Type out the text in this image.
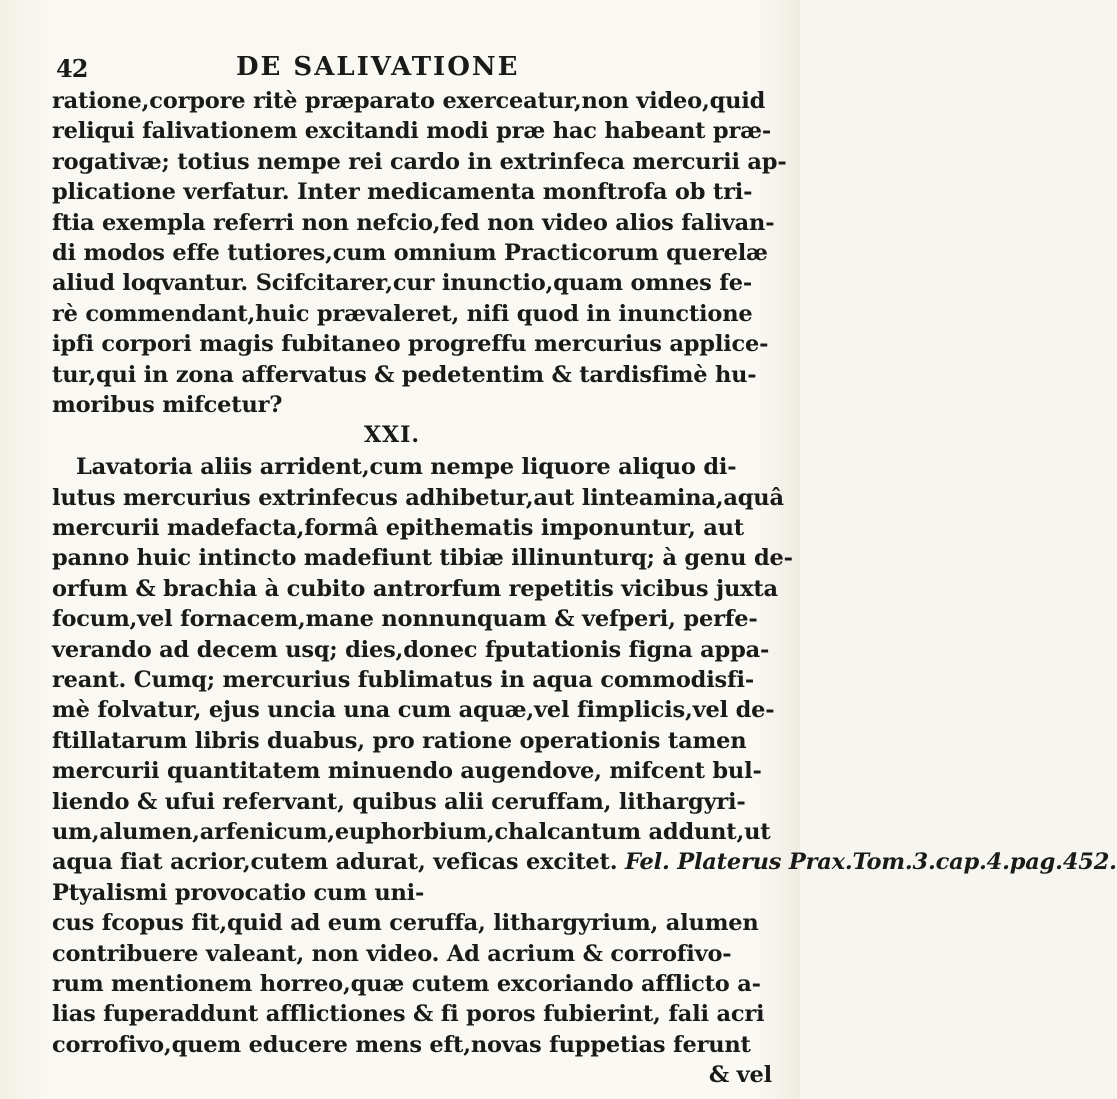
42	DE SALIVATIONE
ratione,corpore ritè præparato exerceatur,non video,quid
reliqui falivationem excitandi modi præ hac habeant præ-
rogativæ; totius nempe rei cardo in extrinfeca mercurii ap-
plicatione verfatur. Inter medicamenta monftrofa ob tri-
ftia exempla referri non nefcio,fed non video alios falivan-
di modos effe tutiores,cum omnium Practicorum querelæ
aliud loqvantur. Scifcitarer,cur inunctio,quam omnes fe-
rè commendant,huic prævaleret, nifi quod in inunctione
ipfi corpori magis fubitaneo progreffu mercurius applice-
tur,qui in zona affervatus & pedetentim & tardisfimè hu-
moribus mifcetur?
XXI.
Lavatoria aliis arrident,cum nempe liquore aliquo di-
lutus mercurius extrinfecus adhibetur,aut linteamina,aquâ
mercurii madefacta,formâ epithematis imponuntur, aut
panno huic intincto madefiunt tibiæ illinunturq; à genu de-
orfum & brachia à cubito antrorfum repetitis vicibus juxta
focum,vel fornacem,mane nonnunquam & vefperi, perfe-
verando ad decem usq; dies,donec fputationis figna appa-
reant. Cumq; mercurius fublimatus in aqua commodisfi-
mè folvatur, ejus uncia una cum aquæ,vel fimplicis,vel de-
ftillatarum libris duabus, pro ratione operationis tamen
mercurii quantitatem minuendo augendove, mifcent bul-
liendo & ufui refervant, quibus alii ceruffam, lithargyri-
um,alumen,arfenicum,euphorbium,chalcantum addunt,ut
aqua fiat acrior,cutem adurat, veficas excitet. Fel. Platerus Prax.Tom.3.cap.4.pag.452.
Ptyalismi provocatio cum uni-
cus fcopus fit,quid ad eum ceruffa, lithargyrium, alumen
contribuere valeant, non video. Ad acrium & corrofivo-
rum mentionem horreo,quæ cutem excoriando afflicto a-
lias fuperaddunt afflictiones & fi poros fubierint, fali acri
corrofivo,quem educere mens eft,novas fuppetias ferunt
& vel
